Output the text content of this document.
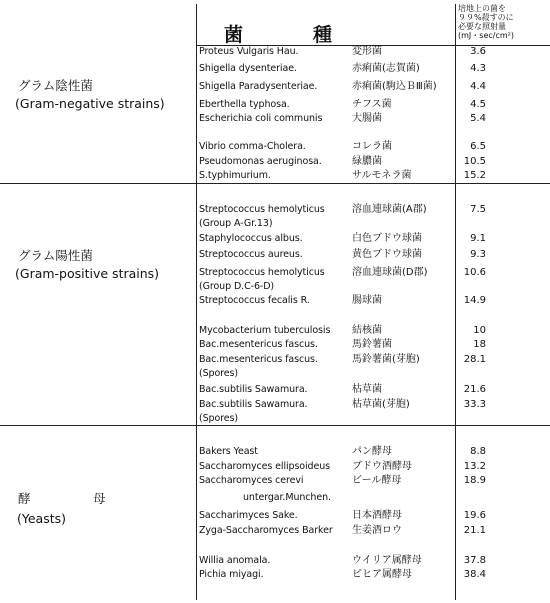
菌	種
培地上の菌を
９９%殺すのに
必要な照射量
(mJ・sec/cm²)
グラム陰性菌
(Gram-negative strains)
グラム陽性菌
(Gram-positive strains)
酵　　　　　母
(Yeasts)
Proteus Vulgaris Hau.	変形菌	3.6
Shigella dysenteriae.	赤痢菌(志賀菌)	4.3
Shigella Paradysenteriae.	赤痢菌(駒込ＢⅢ菌)	4.4
Eberthella typhosa.	チフス菌	4.5
Escherichia coli communis	大腸菌	5.4
Vibrio comma-Cholera.	コレラ菌	6.5
Pseudomonas aeruginosa.	緑膿菌	10.5
S.typhimurium.	サルモネラ菌	15.2
Streptococcus hemolyticus	溶血連球菌(A郡)	7.5
(Group A-Gr.13)
Staphylococcus albus.	白色ブドウ球菌	9.1
Streptococcus aureus.	黄色ブドウ球菌	9.3
Streptococcus hemolyticus	溶血連球菌(D郡)	10.6
(Group D.C-6-D)
Streptococcus fecalis R.	腸球菌	14.9
Mycobacterium tuberculosis 結核菌	10
Bac.mesentericus fascus.	馬鈴薯菌	18
Bac.mesentericus fascus.	馬鈴薯菌(芽胞)	28.1
(Spores)
Bac.subtilis Sawamura.	枯草菌	21.6
Bac.subtilis Sawamura.	枯草菌(芽胞)	33.3
(Spores)
Bakers Yeast	パン酵母	8.8
Saccharomyces ellipsoideus ブドウ酒酵母	13.2
Saccharomyces cerevi	ビール酵母	18.9
untergar.Munchen.
Saccharimyces Sake.	日本酒酵母	19.6
Zyga-Saccharomyces Barker 生姜酒ロウ	21.1
Willia anomala.	ウイリア属酵母	37.8
Pichia miyagi.	ピヒア属酵母	38.4
